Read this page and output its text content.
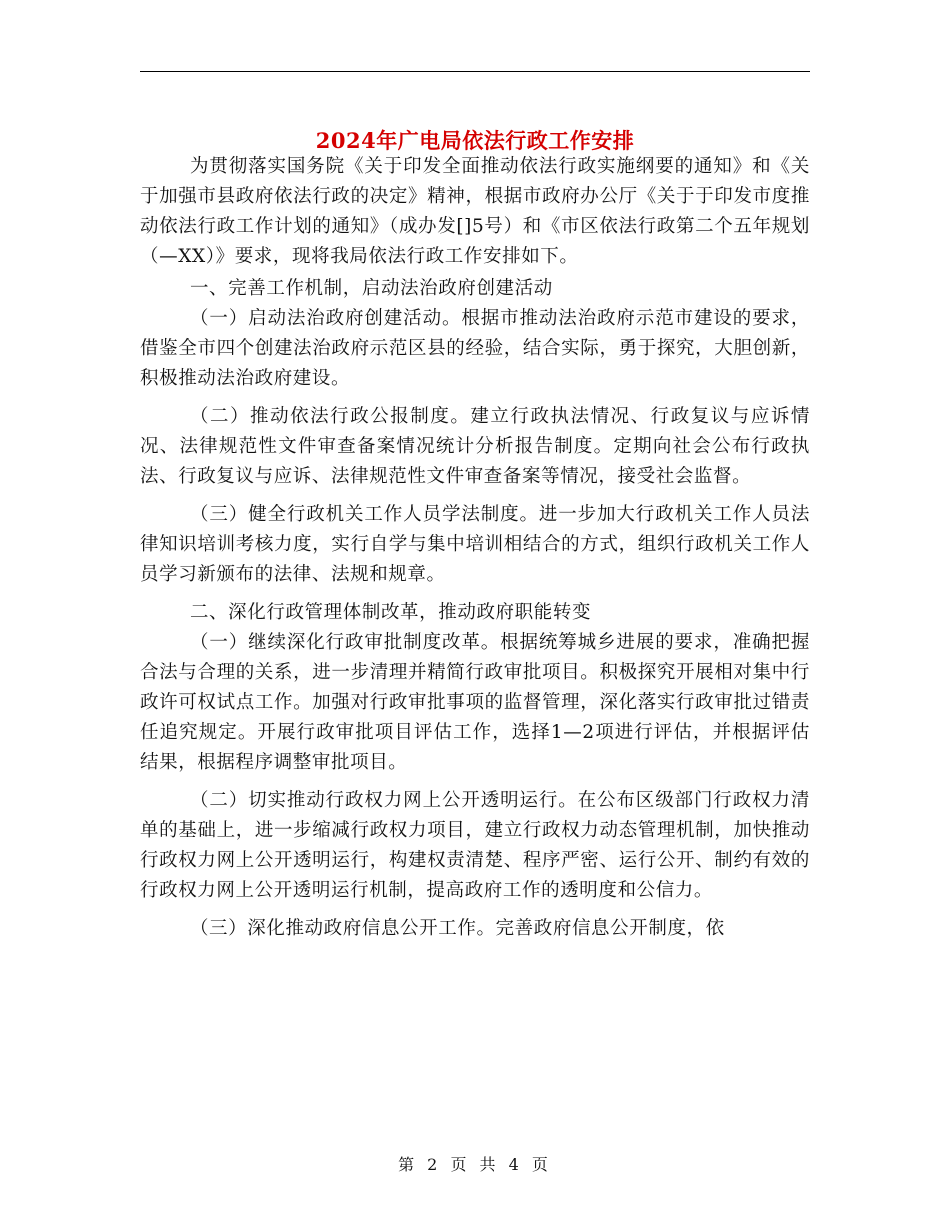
2024年广电局依法行政工作安排

为贯彻落实国务院《关于印发全面推动依法行政实施纲要的通知》和《关于加强市县政府依法行政的决定》精神，根据市政府办公厅《关于于印发市度推动依法行政工作计划的通知》（成办发[]5号）和《市区依法行政第二个五年规划（—XX）》要求，现将我局依法行政工作安排如下。

一、完善工作机制，启动法治政府创建活动

（一）启动法治政府创建活动。根据市推动法治政府示范市建设的要求，借鉴全市四个创建法治政府示范区县的经验，结合实际，勇于探究，大胆创新，积极推动法治政府建设。

（二）推动依法行政公报制度。建立行政执法情况、行政复议与应诉情况、法律规范性文件审查备案情况统计分析报告制度。定期向社会公布行政执法、行政复议与应诉、法律规范性文件审查备案等情况，接受社会监督。

（三）健全行政机关工作人员学法制度。进一步加大行政机关工作人员法律知识培训考核力度，实行自学与集中培训相结合的方式，组织行政机关工作人员学习新颁布的法律、法规和规章。

二、深化行政管理体制改革，推动政府职能转变

（一）继续深化行政审批制度改革。根据统筹城乡进展的要求，准确把握合法与合理的关系，进一步清理并精简行政审批项目。积极探究开展相对集中行政许可权试点工作。加强对行政审批事项的监督管理，深化落实行政审批过错责任追究规定。开展行政审批项目评估工作，选择1—2项进行评估，并根据评估结果，根据程序调整审批项目。

（二）切实推动行政权力网上公开透明运行。在公布区级部门行政权力清单的基础上，进一步缩减行政权力项目，建立行政权力动态管理机制，加快推动行政权力网上公开透明运行，构建权责清楚、程序严密、运行公开、制约有效的行政权力网上公开透明运行机制，提高政府工作的透明度和公信力。

（三）深化推动政府信息公开工作。完善政府信息公开制度，依

第 2 页 共 4 页
